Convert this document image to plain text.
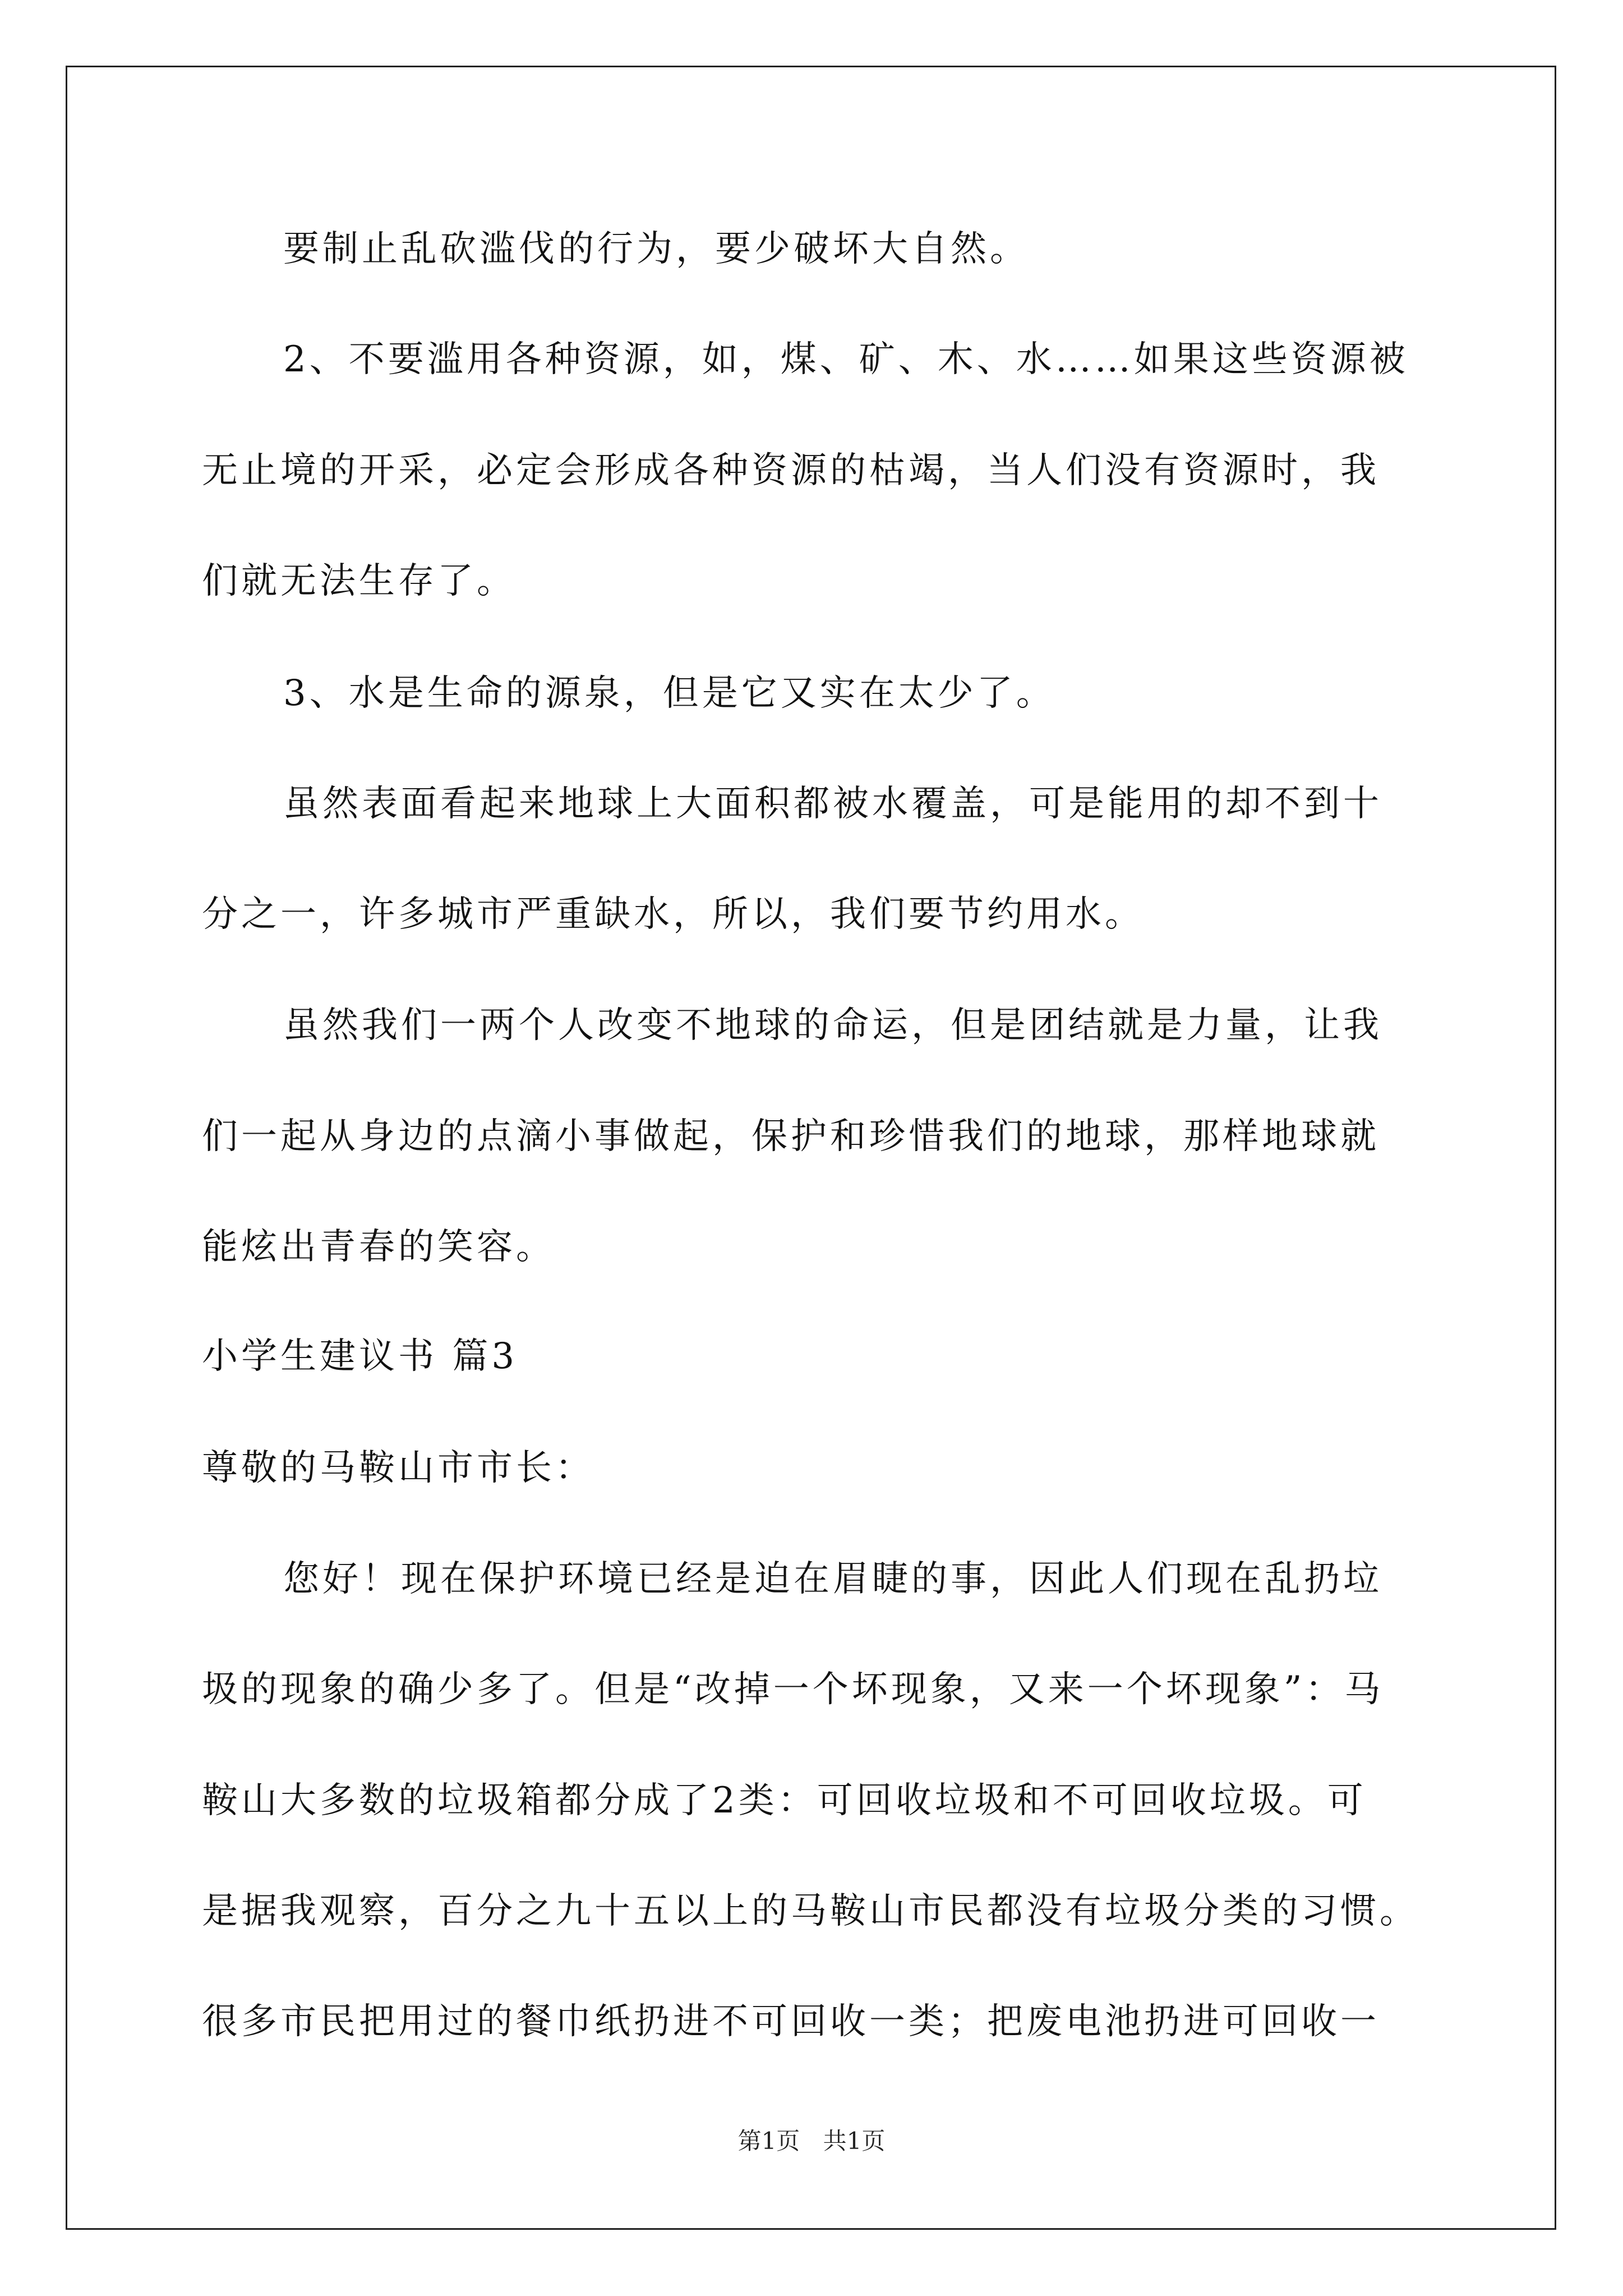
要制止乱砍滥伐的行为，要少破坏大自然。
2、不要滥用各种资源，如，煤、矿、木、水……如果这些资源被
无止境的开采，必定会形成各种资源的枯竭，当人们没有资源时，我
们就无法生存了。
3、水是生命的源泉，但是它又实在太少了。
虽然表面看起来地球上大面积都被水覆盖，可是能用的却不到十
分之一，许多城市严重缺水，所以，我们要节约用水。
虽然我们一两个人改变不地球的命运，但是团结就是力量，让我
们一起从身边的点滴小事做起，保护和珍惜我们的地球，那样地球就
能炫出青春的笑容。
小学生建议书 篇3
尊敬的马鞍山市市长：
您好！现在保护环境已经是迫在眉睫的事，因此人们现在乱扔垃
圾的现象的确少多了。但是“改掉一个坏现象，又来一个坏现象”：马
鞍山大多数的垃圾箱都分成了2类：可回收垃圾和不可回收垃圾。可
是据我观察，百分之九十五以上的马鞍山市民都没有垃圾分类的习惯。
很多市民把用过的餐巾纸扔进不可回收一类；把废电池扔进可回收一
第1页 共1页
